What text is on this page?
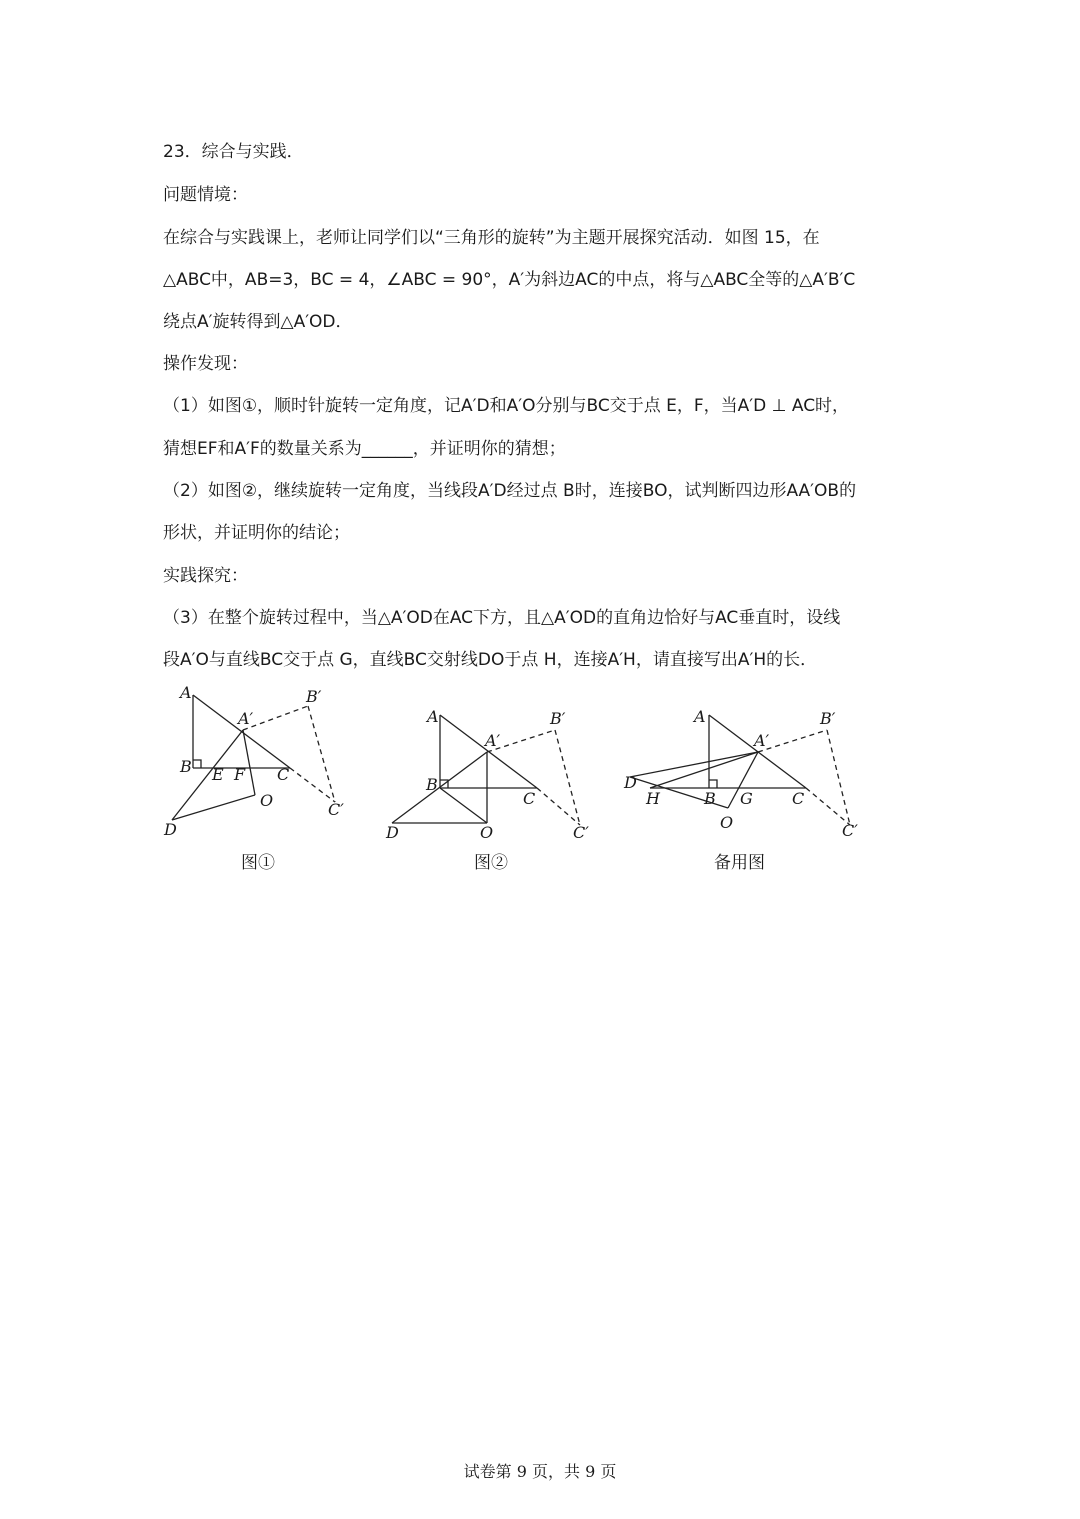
23．综合与实践．
问题情境：
在综合与实践课上，老师让同学们以“三角形的旋转”为主题开展探究活动．如图 15，在
△ABC中，AB=3，BC = 4，∠ABC = 90°，A′为斜边AC的中点，将与△ABC全等的△A′B′C
绕点A′旋转得到△A′OD．
操作发现：
（1）如图①，顺时针旋转一定角度，记A′D和A′O分别与BC交于点 E，F，当A′D ⊥ AC时，
猜想EF和A′F的数量关系为______，并证明你的猜想；
（2）如图②，继续旋转一定角度，当线段A′D经过点 B时，连接BO，试判断四边形AA′OB的
形状，并证明你的结论；
实践探究：
（3）在整个旋转过程中，当△A′OD在AC下方，且△A′OD的直角边恰好与AC垂直时，设线
段A′O与直线BC交于点 G，直线BC交射线DO于点 H，连接A′H，请直接写出A′H的长．
A
A′
B′
B E F C
O	C′
D
图①
A
A′
B′
B
C
D	O	C′
图②
A
A′
B′
D
H	B G C
O	C′
备用图
试卷第 9 页，共 9 页
